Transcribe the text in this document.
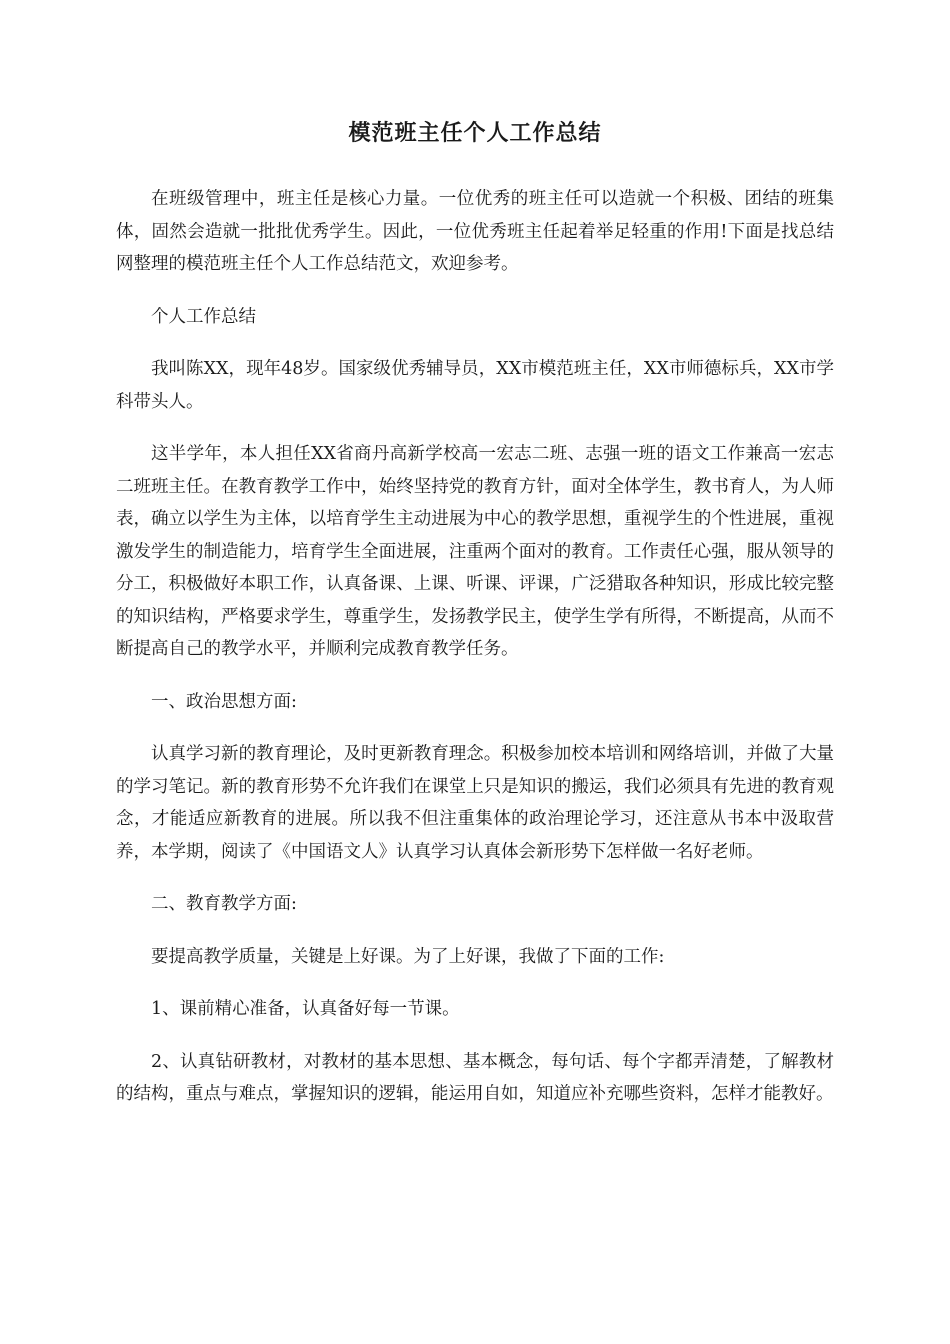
模范班主任个人工作总结

在班级管理中，班主任是核心力量。一位优秀的班主任可以造就一个积极、团结的班集体，固然会造就一批批优秀学生。因此，一位优秀班主任起着举足轻重的作用!下面是找总结网整理的模范班主任个人工作总结范文，欢迎参考。

个人工作总结

我叫陈XX，现年48岁。国家级优秀辅导员，XX市模范班主任，XX市师德标兵，XX市学科带头人。

这半学年，本人担任XX省商丹高新学校高一宏志二班、志强一班的语文工作兼高一宏志二班班主任。在教育教学工作中，始终坚持党的教育方针，面对全体学生，教书育人，为人师表，确立以学生为主体，以培育学生主动进展为中心的教学思想，重视学生的个性进展，重视激发学生的制造能力，培育学生全面进展，注重两个面对的教育。工作责任心强，服从领导的分工，积极做好本职工作，认真备课、上课、听课、评课，广泛猎取各种知识，形成比较完整的知识结构，严格要求学生，尊重学生，发扬教学民主，使学生学有所得，不断提高，从而不断提高自己的教学水平，并顺利完成教育教学任务。

一、政治思想方面:

认真学习新的教育理论，及时更新教育理念。积极参加校本培训和网络培训，并做了大量的学习笔记。新的教育形势不允许我们在课堂上只是知识的搬运，我们必须具有先进的教育观念，才能适应新教育的进展。所以我不但注重集体的政治理论学习，还注意从书本中汲取营养，本学期，阅读了《中国语文人》认真学习认真体会新形势下怎样做一名好老师。

二、教育教学方面:

要提高教学质量，关键是上好课。为了上好课，我做了下面的工作:

1、课前精心准备，认真备好每一节课。

2、认真钻研教材，对教材的基本思想、基本概念，每句话、每个字都弄清楚，了解教材的结构，重点与难点，掌握知识的逻辑，能运用自如，知道应补充哪些资料，怎样才能教好。
